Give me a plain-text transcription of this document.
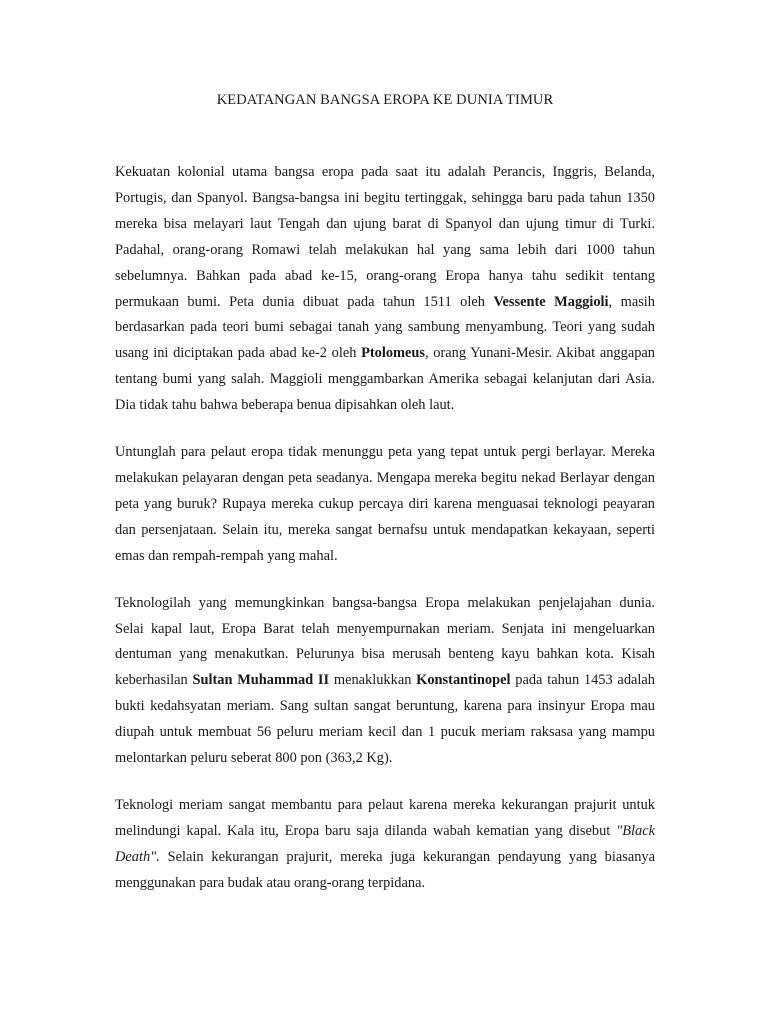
KEDATANGAN BANGSA EROPA KE DUNIA TIMUR

Kekuatan kolonial utama bangsa eropa pada saat itu adalah Perancis, Inggris, Belanda, Portugis, dan Spanyol. Bangsa-bangsa ini begitu tertinggak, sehingga baru pada tahun 1350 mereka bisa melayari laut Tengah dan ujung barat di Spanyol dan ujung timur di Turki. Padahal, orang-orang Romawi telah melakukan hal yang sama lebih dari 1000 tahun sebelumnya. Bahkan pada abad ke-15, orang-orang Eropa hanya tahu sedikit tentang permukaan bumi. Peta dunia dibuat pada tahun 1511 oleh Vessente Maggioli, masih berdasarkan pada teori bumi sebagai tanah yang sambung menyambung. Teori yang sudah usang ini diciptakan pada abad ke-2 oleh Ptolomeus, orang Yunani-Mesir. Akibat anggapan tentang bumi yang salah. Maggioli menggambarkan Amerika sebagai kelanjutan dari Asia. Dia tidak tahu bahwa beberapa benua dipisahkan oleh laut.

Untunglah para pelaut eropa tidak menunggu peta yang tepat untuk pergi berlayar. Mereka melakukan pelayaran dengan peta seadanya. Mengapa mereka begitu nekad Berlayar dengan peta yang buruk? Rupaya mereka cukup percaya diri karena menguasai teknologi peayaran dan persenjataan. Selain itu, mereka sangat bernafsu untuk mendapatkan kekayaan, seperti emas dan rempah-rempah yang mahal.

Teknologilah yang memungkinkan bangsa-bangsa Eropa melakukan penjelajahan dunia. Selai kapal laut, Eropa Barat telah menyempurnakan meriam. Senjata ini mengeluarkan dentuman yang menakutkan. Pelurunya bisa merusah benteng kayu bahkan kota. Kisah keberhasilan Sultan Muhammad II menaklukkan Konstantinopel pada tahun 1453 adalah bukti kedahsyatan meriam. Sang sultan sangat beruntung, karena para insinyur Eropa mau diupah untuk membuat 56 peluru meriam kecil dan 1 pucuk meriam raksasa yang mampu melontarkan peluru seberat 800 pon (363,2 Kg).

Teknologi meriam sangat membantu para pelaut karena mereka kekurangan prajurit untuk melindungi kapal. Kala itu, Eropa baru saja dilanda wabah kematian yang disebut "Black Death". Selain kekurangan prajurit, mereka juga kekurangan pendayung yang biasanya menggunakan para budak atau orang-orang terpidana.
